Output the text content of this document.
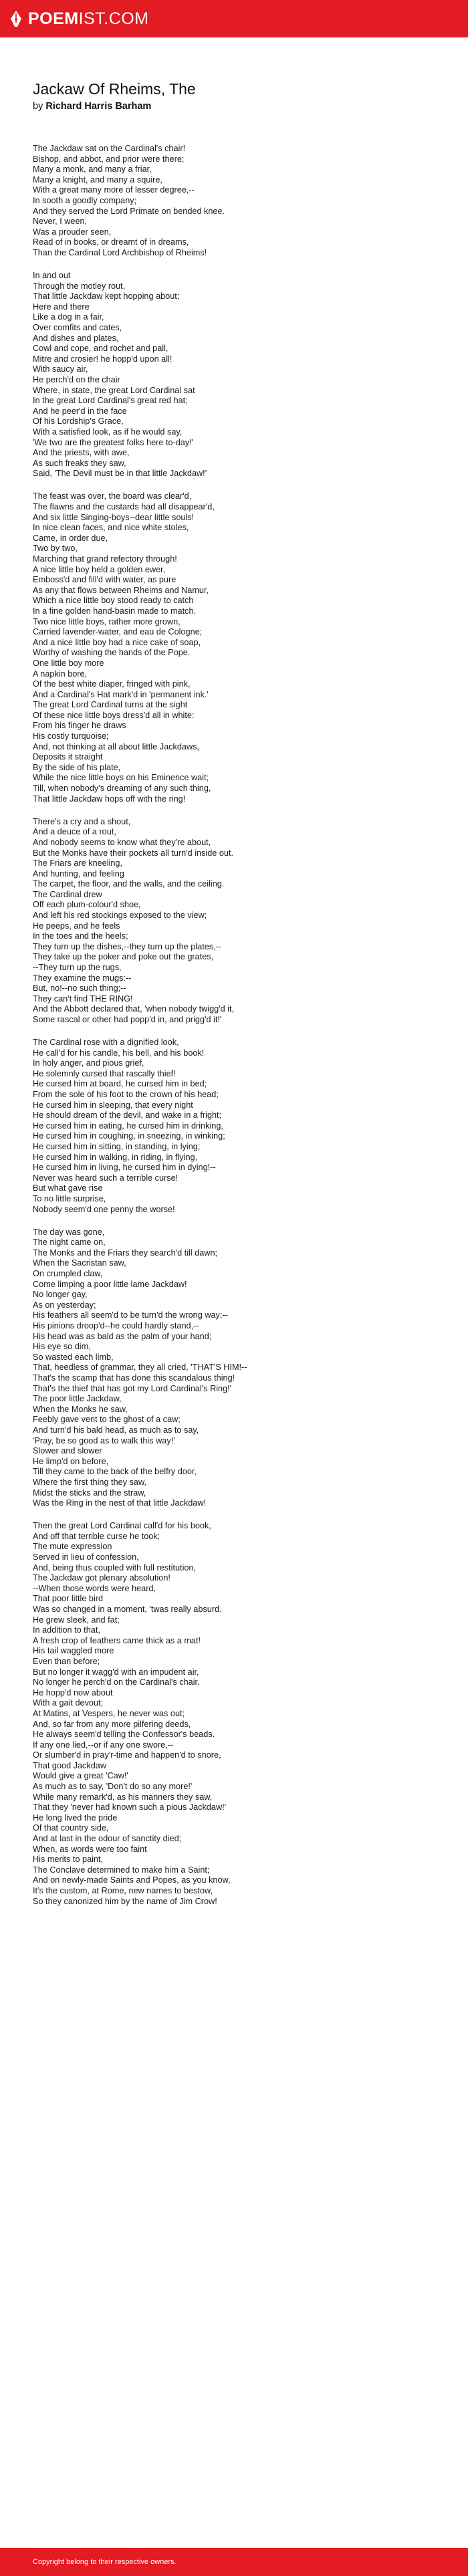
POEMIST.COM
Jackaw Of Rheims, The
by Richard Harris Barham
The Jackdaw sat on the Cardinal's chair!
Bishop, and abbot, and prior were there;
Many a monk, and many a friar,
Many a knight, and many a squire,
With a great many more of lesser degree,--
In sooth a goodly company;
And they served the Lord Primate on bended knee.
Never, I ween,
Was a prouder seen,
Read of in books, or dreamt of in dreams,
Than the Cardinal Lord Archbishop of Rheims!
In and out
Through the motley rout,
That little Jackdaw kept hopping about;
Here and there
Like a dog in a fair,
Over comfits and cates,
And dishes and plates,
Cowl and cope, and rochet and pall,
Mitre and crosier! he hopp'd upon all!
With saucy air,
He perch'd on the chair
Where, in state, the great Lord Cardinal sat
In the great Lord Cardinal's great red hat;
And he peer'd in the face
Of his Lordship's Grace,
With a satisfied look, as if he would say,
'We two are the greatest folks here to-day!'
And the priests, with awe,
As such freaks they saw,
Said, 'The Devil must be in that little Jackdaw!'
The feast was over, the board was clear'd,
The flawns and the custards had all disappear'd,
And six little Singing-boys--dear little souls!
In nice clean faces, and nice white stoles,
Came, in order due,
Two by two,
Marching that grand refectory through!
A nice little boy held a golden ewer,
Emboss'd and fill'd with water, as pure
As any that flows between Rheims and Namur,
Which a nice little boy stood ready to catch
In a fine golden hand-basin made to match.
Two nice little boys, rather more grown,
Carried lavender-water, and eau de Cologne;
And a nice little boy had a nice cake of soap,
Worthy of washing the hands of the Pope.
One little boy more
A napkin bore,
Of the best white diaper, fringed with pink,
And a Cardinal's Hat mark'd in 'permanent ink.'
The great Lord Cardinal turns at the sight
Of these nice little boys dress'd all in white:
From his finger he draws
His costly turquoise;
And, not thinking at all about little Jackdaws,
Deposits it straight
By the side of his plate,
While the nice little boys on his Eminence wait;
Till, when nobody's dreaming of any such thing,
That little Jackdaw hops off with the ring!
There's a cry and a shout,
And a deuce of a rout,
And nobody seems to know what they're about,
But the Monks have their pockets all turn'd inside out.
The Friars are kneeling,
And hunting, and feeling
The carpet, the floor, and the walls, and the ceiling.
The Cardinal drew
Off each plum-colour'd shoe,
And left his red stockings exposed to the view;
He peeps, and he feels
In the toes and the heels;
They turn up the dishes,--they turn up the plates,--
They take up the poker and poke out the grates,
--They turn up the rugs,
They examine the mugs:--
But, no!--no such thing;--
They can't find THE RING!
And the Abbott declared that, 'when nobody twigg'd it,
Some rascal or other had popp'd in, and prigg'd it!'
The Cardinal rose with a dignified look,
He call'd for his candle, his bell, and his book!
In holy anger, and pious grief,
He solemnly cursed that rascally thief!
He cursed him at board, he cursed him in bed;
From the sole of his foot to the crown of his head;
He cursed him in sleeping, that every night
He should dream of the devil, and wake in a fright;
He cursed him in eating, he cursed him in drinking,
He cursed him in coughing, in sneezing, in winking;
He cursed him in sitting, in standing, in lying;
He cursed him in walking, in riding, in flying,
He cursed him in living, he cursed him in dying!--
Never was heard such a terrible curse!
But what gave rise
To no little surprise,
Nobody seem'd one penny the worse!
The day was gone,
The night came on,
The Monks and the Friars they search'd till dawn;
When the Sacristan saw,
On crumpled claw,
Come limping a poor little lame Jackdaw!
No longer gay,
As on yesterday;
His feathers all seem'd to be turn'd the wrong way;--
His pinions droop'd--he could hardly stand,--
His head was as bald as the palm of your hand;
His eye so dim,
So wasted each limb,
That, heedless of grammar, they all cried, 'THAT'S HIM!--
That's the scamp that has done this scandalous thing!
That's the thief that has got my Lord Cardinal's Ring!'
The poor little Jackdaw,
When the Monks he saw,
Feebly gave vent to the ghost of a caw;
And turn'd his bald head, as much as to say,
'Pray, be so good as to walk this way!'
Slower and slower
He limp'd on before,
Till they came to the back of the belfry door,
Where the first thing they saw,
Midst the sticks and the straw,
Was the Ring in the nest of that little Jackdaw!
Then the great Lord Cardinal call'd for his book,
And off that terrible curse he took;
The mute expression
Served in lieu of confession,
And, being thus coupled with full restitution,
The Jackdaw got plenary absolution!
--When those words were heard,
That poor little bird
Was so changed in a moment, 'twas really absurd.
He grew sleek, and fat;
In addition to that,
A fresh crop of feathers came thick as a mat!
His tail waggled more
Even than before;
But no longer it wagg'd with an impudent air,
No longer he perch'd on the Cardinal's chair.
He hopp'd now about
With a gait devout;
At Matins, at Vespers, he never was out;
And, so far from any more pilfering deeds,
He always seem'd telling the Confessor's beads.
If any one lied,--or if any one swore,--
Or slumber'd in pray'r-time and happen'd to snore,
That good Jackdaw
Would give a great 'Caw!'
As much as to say, 'Don't do so any more!'
While many remark'd, as his manners they saw,
That they 'never had known such a pious Jackdaw!'
He long lived the pride
Of that country side,
And at last in the odour of sanctity died;
When, as words were too faint
His merits to paint,
The Conclave determined to make him a Saint;
And on newly-made Saints and Popes, as you know,
It's the custom, at Rome, new names to bestow,
So they canonized him by the name of Jim Crow!
Copyright belong to their respective owners.
